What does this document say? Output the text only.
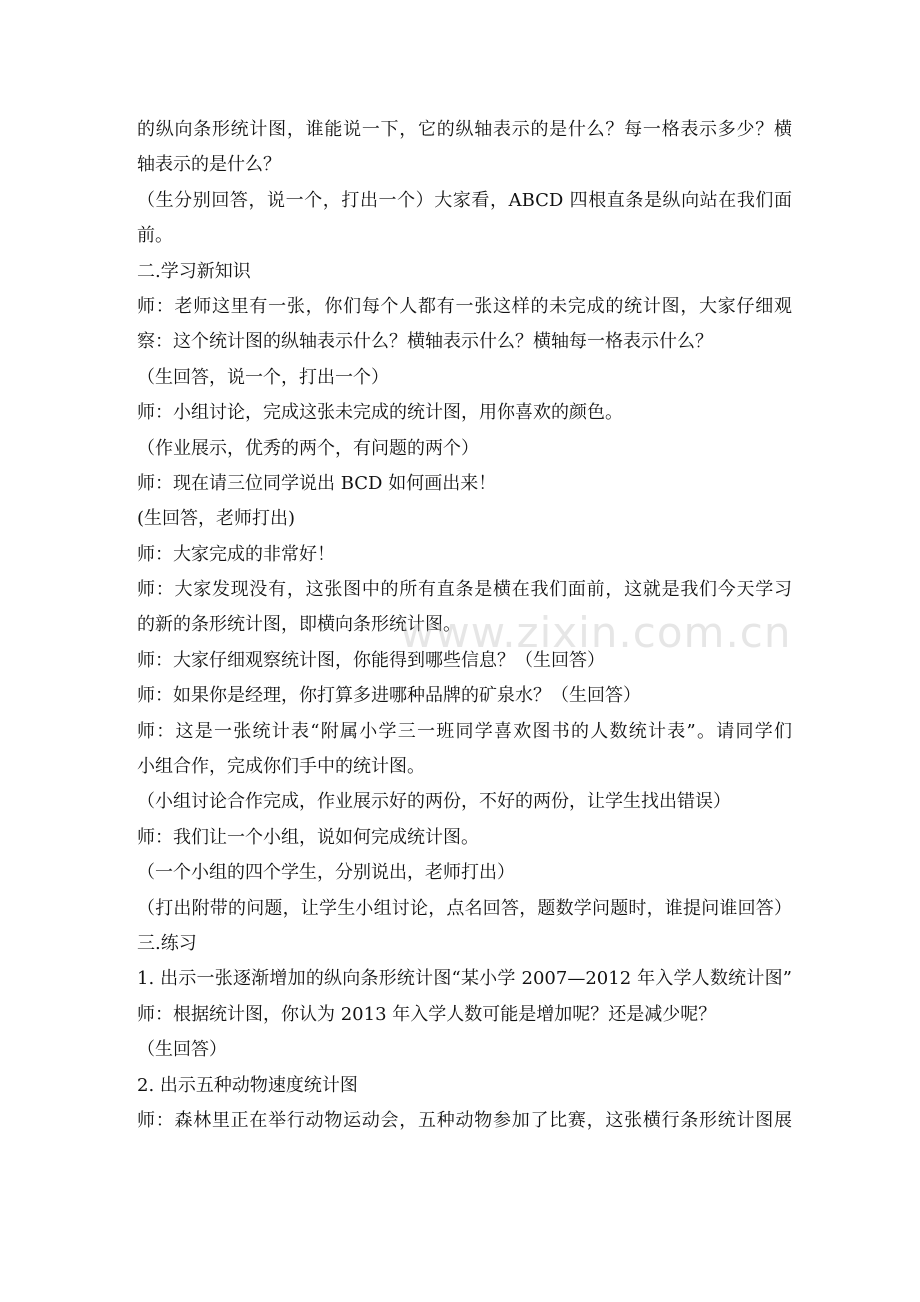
的纵向条形统计图，谁能说一下，它的纵轴表示的是什么？每一格表示多少？横
轴表示的是什么？
（生分别回答，说一个，打出一个）大家看，ABCD 四根直条是纵向站在我们面
前。
二.学习新知识
师：老师这里有一张，你们每个人都有一张这样的未完成的统计图，大家仔细观
察：这个统计图的纵轴表示什么？横轴表示什么？横轴每一格表示什么？
（生回答，说一个，打出一个）
师：小组讨论，完成这张未完成的统计图，用你喜欢的颜色。
（作业展示，优秀的两个，有问题的两个）
师：现在请三位同学说出 BCD 如何画出来！
(生回答，老师打出)
师：大家完成的非常好！
师：大家发现没有，这张图中的所有直条是横在我们面前，这就是我们今天学习
的新的条形统计图，即横向条形统计图。
师：大家仔细观察统计图，你能得到哪些信息？（生回答）
师：如果你是经理，你打算多进哪种品牌的矿泉水？（生回答）
师：这是一张统计表“附属小学三一班同学喜欢图书的人数统计表”。请同学们
小组合作，完成你们手中的统计图。
（小组讨论合作完成，作业展示好的两份，不好的两份，让学生找出错误）
师：我们让一个小组，说如何完成统计图。
（一个小组的四个学生，分别说出，老师打出）
（打出附带的问题，让学生小组讨论，点名回答，题数学问题时，谁提问谁回答）
三.练习
1. 出示一张逐渐增加的纵向条形统计图“某小学 2007—2012 年入学人数统计图”
师：根据统计图，你认为 2013 年入学人数可能是增加呢？还是减少呢？
（生回答）
2. 出示五种动物速度统计图
师：森林里正在举行动物运动会，五种动物参加了比赛，这张横行条形统计图展
www.zixin.com.cn
